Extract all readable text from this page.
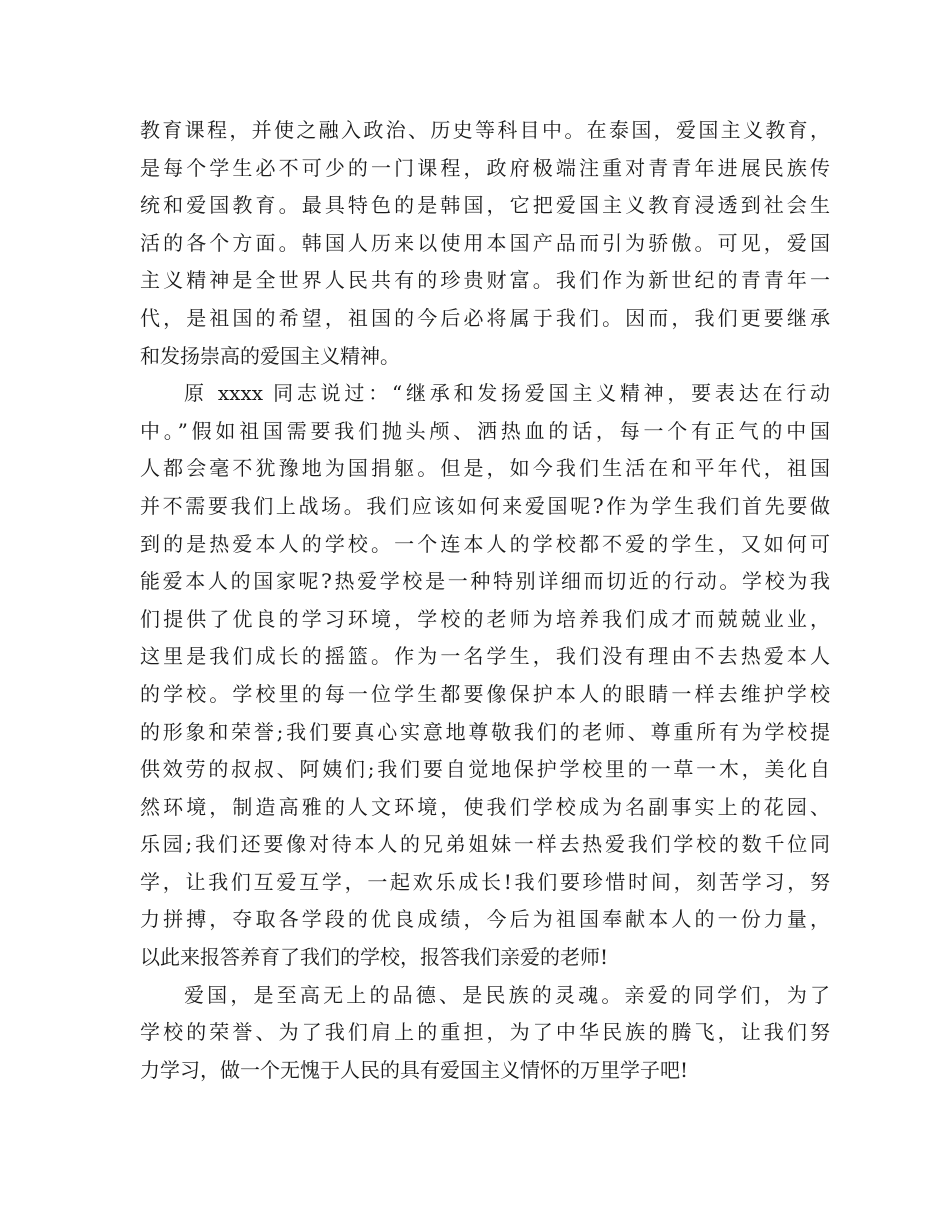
教育课程，并使之融入政治、历史等科目中。在泰国，爱国主义教育，
是每个学生必不可少的一门课程，政府极端注重对青青年进展民族传
统和爱国教育。最具特色的是韩国，它把爱国主义教育浸透到社会生
活的各个方面。韩国人历来以使用本国产品而引为骄傲。可见，爱国
主义精神是全世界人民共有的珍贵财富。我们作为新世纪的青青年一
代，是祖国的希望，祖国的今后必将属于我们。因而，我们更要继承
和发扬崇高的爱国主义精神。
原 xxxx 同志说过：“继承和发扬爱国主义精神，要表达在行动
中。”假如祖国需要我们抛头颅、洒热血的话，每一个有正气的中国
人都会毫不犹豫地为国捐躯。但是，如今我们生活在和平年代，祖国
并不需要我们上战场。我们应该如何来爱国呢?作为学生我们首先要做
到的是热爱本人的学校。一个连本人的学校都不爱的学生，又如何可
能爱本人的国家呢?热爱学校是一种特别详细而切近的行动。学校为我
们提供了优良的学习环境，学校的老师为培养我们成才而兢兢业业，
这里是我们成长的摇篮。作为一名学生，我们没有理由不去热爱本人
的学校。学校里的每一位学生都要像保护本人的眼睛一样去维护学校
的形象和荣誉;我们要真心实意地尊敬我们的老师、尊重所有为学校提
供效劳的叔叔、阿姨们;我们要自觉地保护学校里的一草一木，美化自
然环境，制造高雅的人文环境，使我们学校成为名副事实上的花园、
乐园;我们还要像对待本人的兄弟姐妹一样去热爱我们学校的数千位同
学，让我们互爱互学，一起欢乐成长!我们要珍惜时间，刻苦学习，努
力拼搏，夺取各学段的优良成绩，今后为祖国奉献本人的一份力量，
以此来报答养育了我们的学校，报答我们亲爱的老师!
爱国，是至高无上的品德、是民族的灵魂。亲爱的同学们，为了
学校的荣誉、为了我们肩上的重担，为了中华民族的腾飞，让我们努
力学习，做一个无愧于人民的具有爱国主义情怀的万里学子吧!
